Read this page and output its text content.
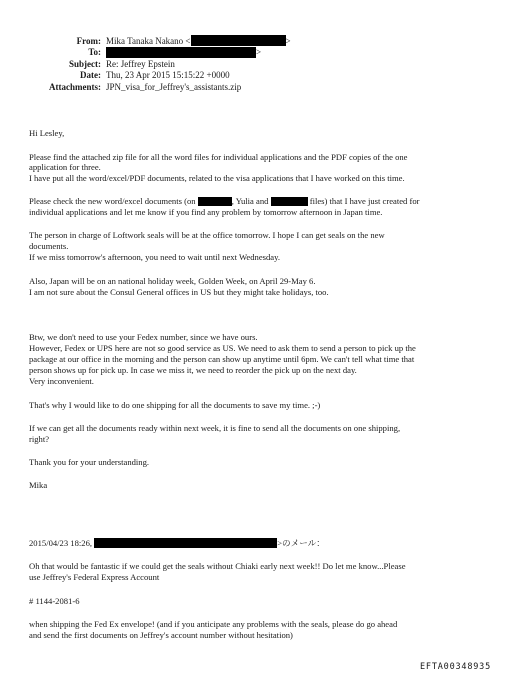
From: Mika Tanaka Nakano <	>
To:	>
Subject: Re: Jeffrey Epstein
Date: Thu, 23 Apr 2015 15:15:22 +0000
Attachments: JPN_visa_for_Jeffrey's_assistants.zip
Hi Lesley,
Please find the attached zip file for all the word files for individual applications and the PDF copies of the one
application for three.
I have put all the word/excel/PDF documents, related to the visa applications that I have worked on this time.
Please check the new word/excel documents (on	, Yulia and	files) that I have just created for
individual applications and let me know if you find any problem by tomorrow afternoon in Japan time.
The person in charge of Loftwork seals will be at the office tomorrow. I hope I can get seals on the new
documents.
If we miss tomorrow's afternoon, you need to wait until next Wednesday.
Also, Japan will be on an national holiday week, Golden Week, on April 29-May 6.
I am not sure about the Consul General offices in US but they might take holidays, too.
Btw, we don't need to use your Fedex number, since we have ours.
However, Fedex or UPS here are not so good service as US. We need to ask them to send a person to pick up the
package at our office in the morning and the person can show up anytime until 6pm. We can't tell what time that
person shows up for pick up. In case we miss it, we need to reorder the pick up on the next day.
Very inconvenient.
That's why I would like to do one shipping for all the documents to save my time. ;-)
If we can get all the documents ready within next week, it is fine to send all the documents on one shipping,
right?
Thank you for your understanding.
Mika
2015/04/23 18:26,	>のメール：
Oh that would be fantastic if we could get the seals without Chiaki early next week!! Do let me know...Please
use Jeffrey's Federal Express Account
# 1144-2081-6
when shipping the Fed Ex envelope! (and if you anticipate any problems with the seals, please do go ahead
and send the first documents on Jeffrey's account number without hesitation)
EFTA00348935
